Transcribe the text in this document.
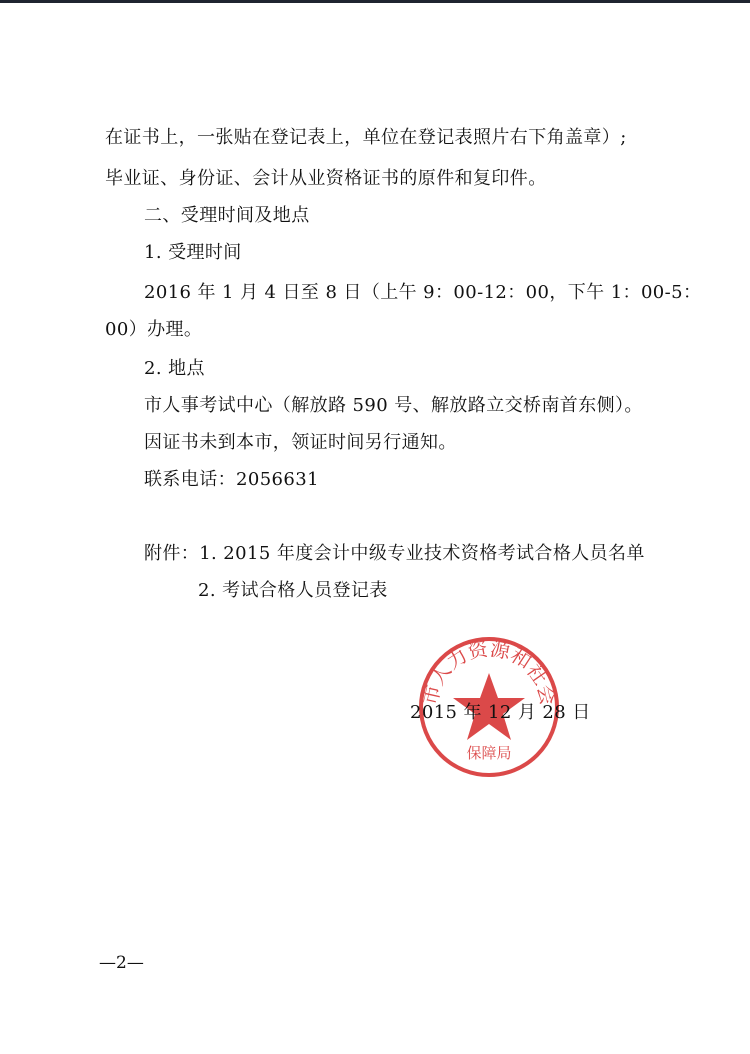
在证书上，一张贴在登记表上，单位在登记表照片右下角盖章）;
毕业证、身份证、会计从业资格证书的原件和复印件。
二、受理时间及地点
1. 受理时间
2016 年 1 月 4 日至 8 日（上午 9：00-12：00，下午 1：00-5：
00）办理。
2. 地点
市人事考试中心（解放路 590 号、解放路立交桥南首东侧）。
因证书未到本市，领证时间另行通知。
联系电话：2056631
附件：1. 2015 年度会计中级专业技术资格考试合格人员名单
2. 考试合格人员登记表
市人力资源和社会
保障局
2015 年 12 月 28 日
—2—
